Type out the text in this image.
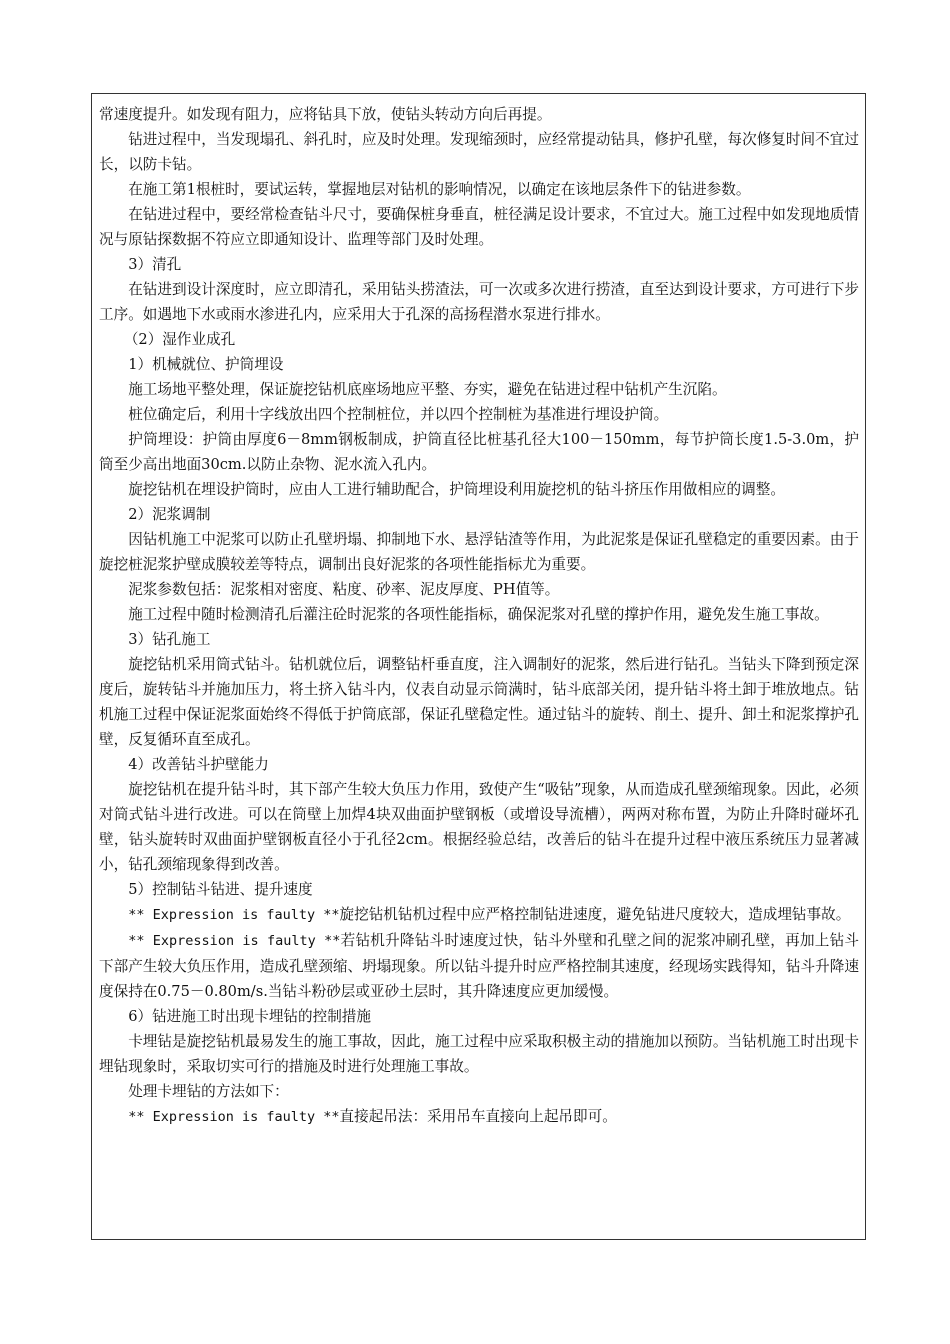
常速度提升。如发现有阻力，应将钻具下放，使钻头转动方向后再提。

钻进过程中，当发现塌孔、斜孔时，应及时处理。发现缩颈时，应经常提动钻具，修护孔壁，每次修复时间不宜过长，以防卡钻。

在施工第1根桩时，要试运转，掌握地层对钻机的影响情况，以确定在该地层条件下的钻进参数。

在钻进过程中，要经常检查钻斗尺寸，要确保桩身垂直，桩径满足设计要求，不宜过大。施工过程中如发现地质情况与原钻探数据不符应立即通知设计、监理等部门及时处理。

3）清孔

在钻进到设计深度时，应立即清孔，采用钻头捞渣法，可一次或多次进行捞渣，直至达到设计要求，方可进行下步工序。如遇地下水或雨水渗进孔内，应采用大于孔深的高扬程潜水泵进行排水。

（2）湿作业成孔

1）机械就位、护筒埋设

施工场地平整处理，保证旋挖钻机底座场地应平整、夯实，避免在钻进过程中钻机产生沉陷。

桩位确定后，利用十字线放出四个控制桩位，并以四个控制桩为基准进行埋设护筒。

护筒埋设：护筒由厚度6－8mm钢板制成，护筒直径比桩基孔径大100－150mm，每节护筒长度1.5-3.0m，护筒至少高出地面30cm.以防止杂物、泥水流入孔内。

旋挖钻机在埋设护筒时，应由人工进行辅助配合，护筒埋设利用旋挖机的钻斗挤压作用做相应的调整。

2）泥浆调制

因钻机施工中泥浆可以防止孔壁坍塌、抑制地下水、悬浮钻渣等作用，为此泥浆是保证孔壁稳定的重要因素。由于旋挖桩泥浆护壁成膜较差等特点，调制出良好泥浆的各项性能指标尤为重要。

泥浆参数包括：泥浆相对密度、粘度、砂率、泥皮厚度、PH值等。

施工过程中随时检测清孔后灌注砼时泥浆的各项性能指标，确保泥浆对孔壁的撑护作用，避免发生施工事故。

3）钻孔施工

旋挖钻机采用筒式钻斗。钻机就位后，调整钻杆垂直度，注入调制好的泥浆，然后进行钻孔。当钻头下降到预定深度后，旋转钻斗并施加压力，将土挤入钻斗内，仪表自动显示筒满时，钻斗底部关闭，提升钻斗将土卸于堆放地点。钻机施工过程中保证泥浆面始终不得低于护筒底部，保证孔壁稳定性。通过钻斗的旋转、削土、提升、卸土和泥浆撑护孔壁，反复循环直至成孔。

4）改善钻斗护壁能力

旋挖钻机在提升钻斗时，其下部产生较大负压力作用，致使产生“吸钻”现象，从而造成孔壁颈缩现象。因此，必须对筒式钻斗进行改进。可以在筒壁上加焊4块双曲面护壁钢板（或增设导流槽），两两对称布置，为防止升降时碰坏孔壁，钻头旋转时双曲面护壁钢板直径小于孔径2cm。根据经验总结，改善后的钻斗在提升过程中液压系统压力显著减小，钻孔颈缩现象得到改善。

5）控制钻斗钻进、提升速度

** Expression is faulty **旋挖钻机钻机过程中应严格控制钻进速度，避免钻进尺度较大，造成埋钻事故。

** Expression is faulty **若钻机升降钻斗时速度过快，钻斗外壁和孔壁之间的泥浆冲刷孔壁，再加上钻斗下部产生较大负压作用，造成孔壁颈缩、坍塌现象。所以钻斗提升时应严格控制其速度，经现场实践得知，钻斗升降速度保持在0.75－0.80m/s.当钻斗粉砂层或亚砂土层时，其升降速度应更加缓慢。

6）钻进施工时出现卡埋钻的控制措施

卡埋钻是旋挖钻机最易发生的施工事故，因此，施工过程中应采取积极主动的措施加以预防。当钻机施工时出现卡埋钻现象时，采取切实可行的措施及时进行处理施工事故。

处理卡埋钻的方法如下：

** Expression is faulty **直接起吊法：采用吊车直接向上起吊即可。
